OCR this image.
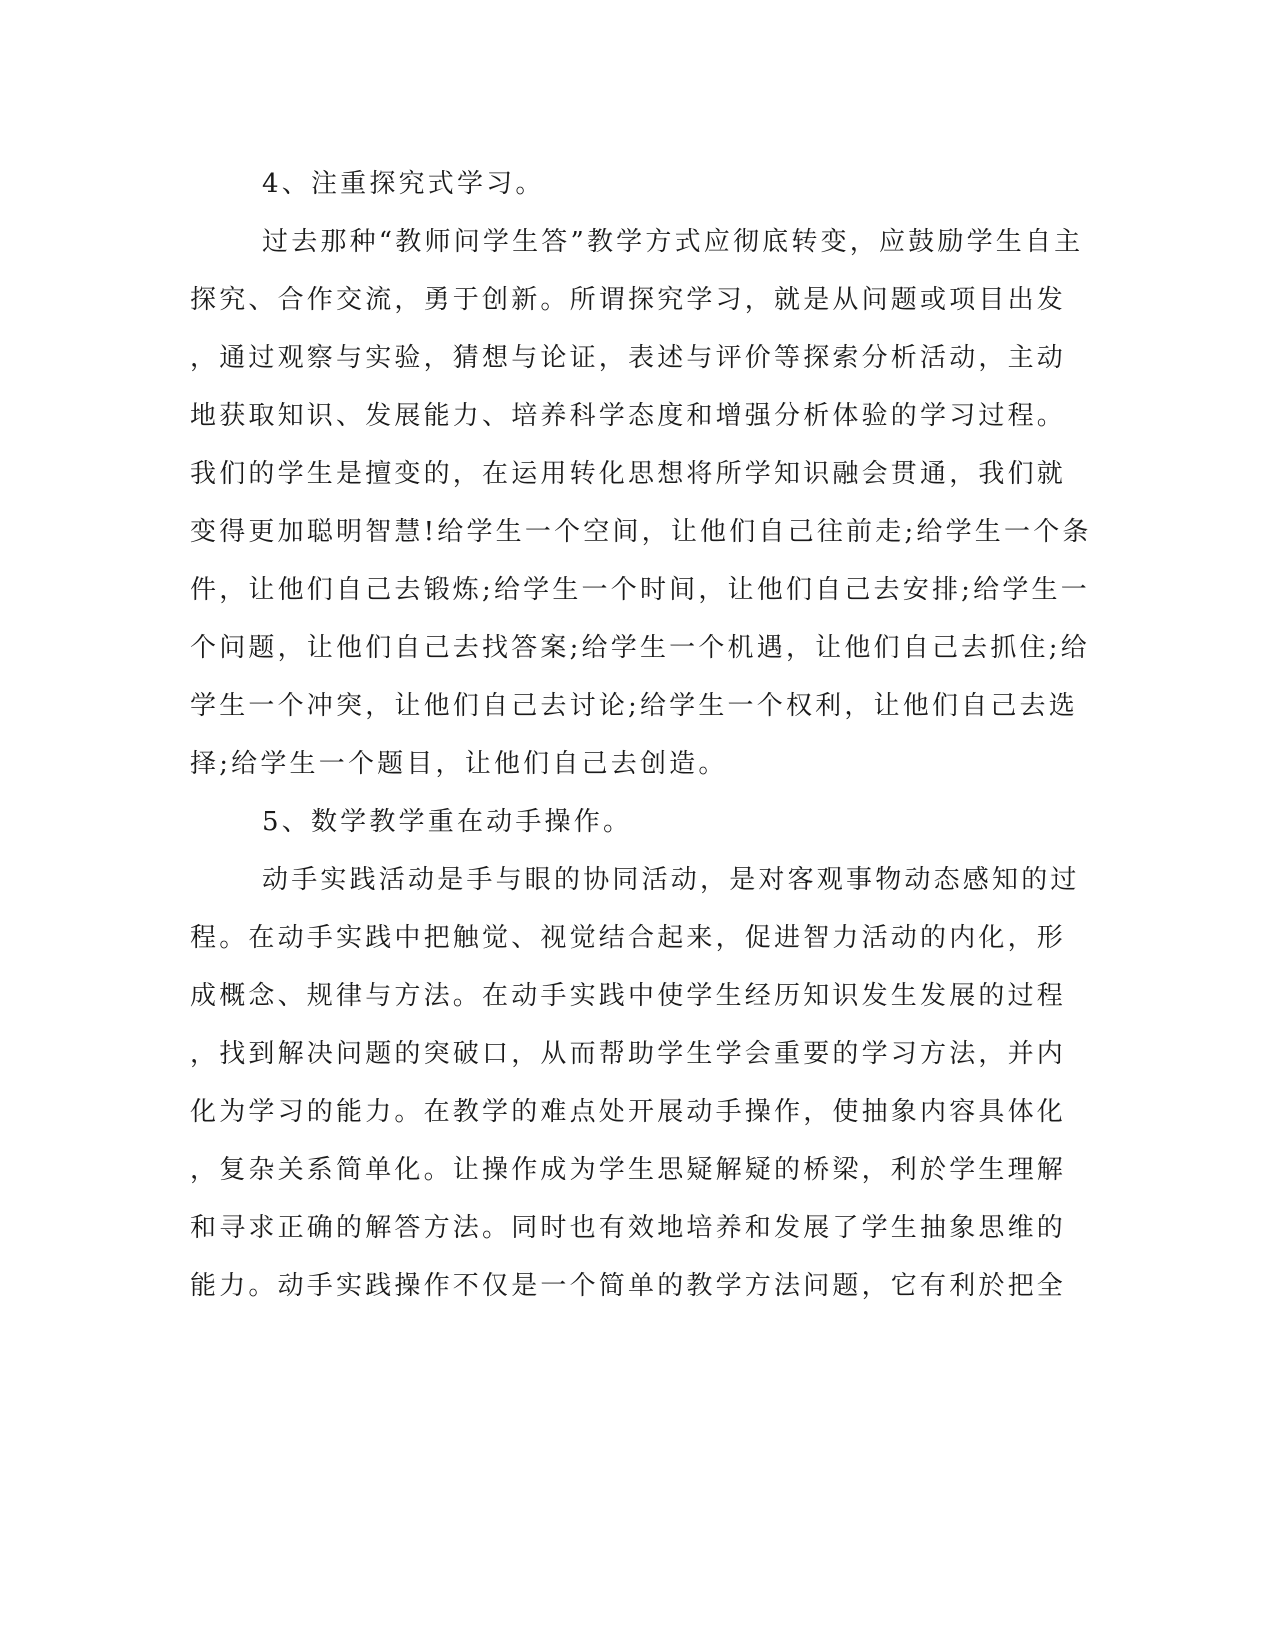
4、注重探究式学习。
过去那种“教师问学生答”教学方式应彻底转变，应鼓励学生自主
探究、合作交流，勇于创新。所谓探究学习，就是从问题或项目出发
，通过观察与实验，猜想与论证，表述与评价等探索分析活动，主动
地获取知识、发展能力、培养科学态度和增强分析体验的学习过程。
我们的学生是擅变的，在运用转化思想将所学知识融会贯通，我们就
变得更加聪明智慧!给学生一个空间，让他们自己往前走;给学生一个条
件，让他们自己去锻炼;给学生一个时间，让他们自己去安排;给学生一
个问题，让他们自己去找答案;给学生一个机遇，让他们自己去抓住;给
学生一个冲突，让他们自己去讨论;给学生一个权利，让他们自己去选
择;给学生一个题目，让他们自己去创造。
5、数学教学重在动手操作。
动手实践活动是手与眼的协同活动，是对客观事物动态感知的过
程。在动手实践中把触觉、视觉结合起来，促进智力活动的内化，形
成概念、规律与方法。在动手实践中使学生经历知识发生发展的过程
，找到解决问题的突破口，从而帮助学生学会重要的学习方法，并内
化为学习的能力。在教学的难点处开展动手操作，使抽象内容具体化
，复杂关系简单化。让操作成为学生思疑解疑的桥梁，利於学生理解
和寻求正确的解答方法。同时也有效地培养和发展了学生抽象思维的
能力。动手实践操作不仅是一个简单的教学方法问题，它有利於把全
